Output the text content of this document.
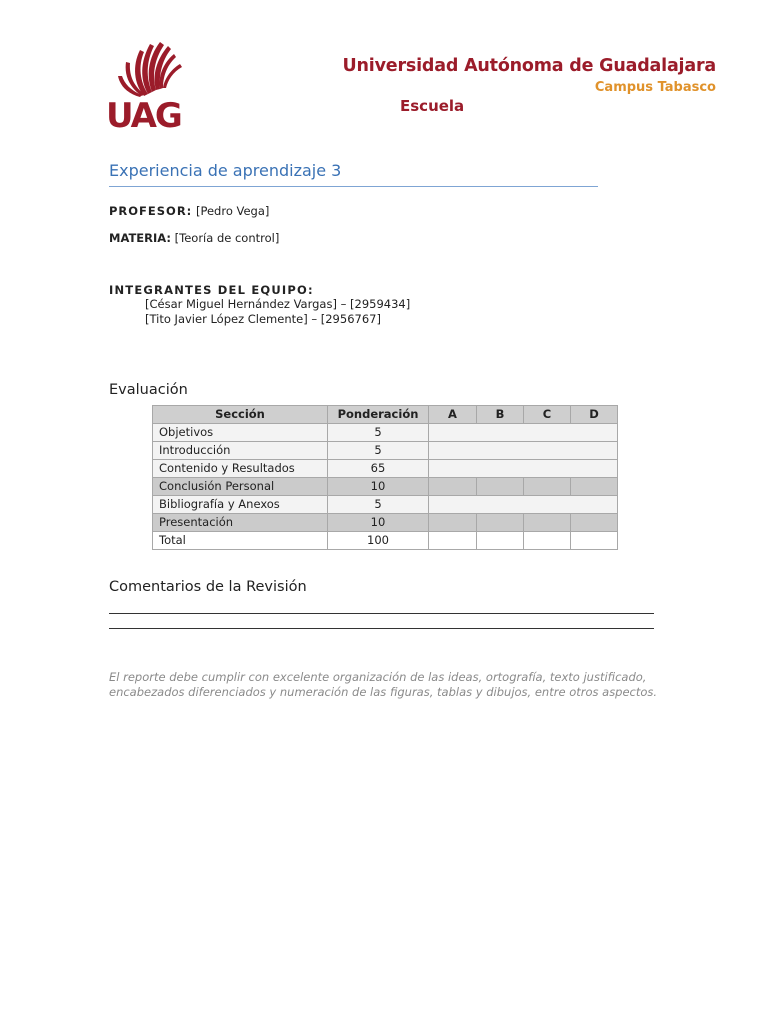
UAG
Universidad Autónoma de Guadalajara
Campus Tabasco
Escuela
Experiencia de aprendizaje 3
PROFESOR: [Pedro Vega]
MATERIA: [Teoría de control]
INTEGRANTES DEL EQUIPO:
[César Miguel Hernández Vargas] – [2959434]
[Tito Javier López Clemente] – [2956767]
Evaluación
Sección	Ponderación	A	B	C	D
Objetivos	5				
Introducción	5				
Contenido y Resultados	65				
Conclusión Personal	10				
Bibliografía y Anexos	5				
Presentación	10				
Total	100				
Comentarios de la Revisión
El reporte debe cumplir con excelente organización de las ideas, ortografía, texto justificado, encabezados diferenciados y numeración de las figuras, tablas y dibujos, entre otros aspectos.
